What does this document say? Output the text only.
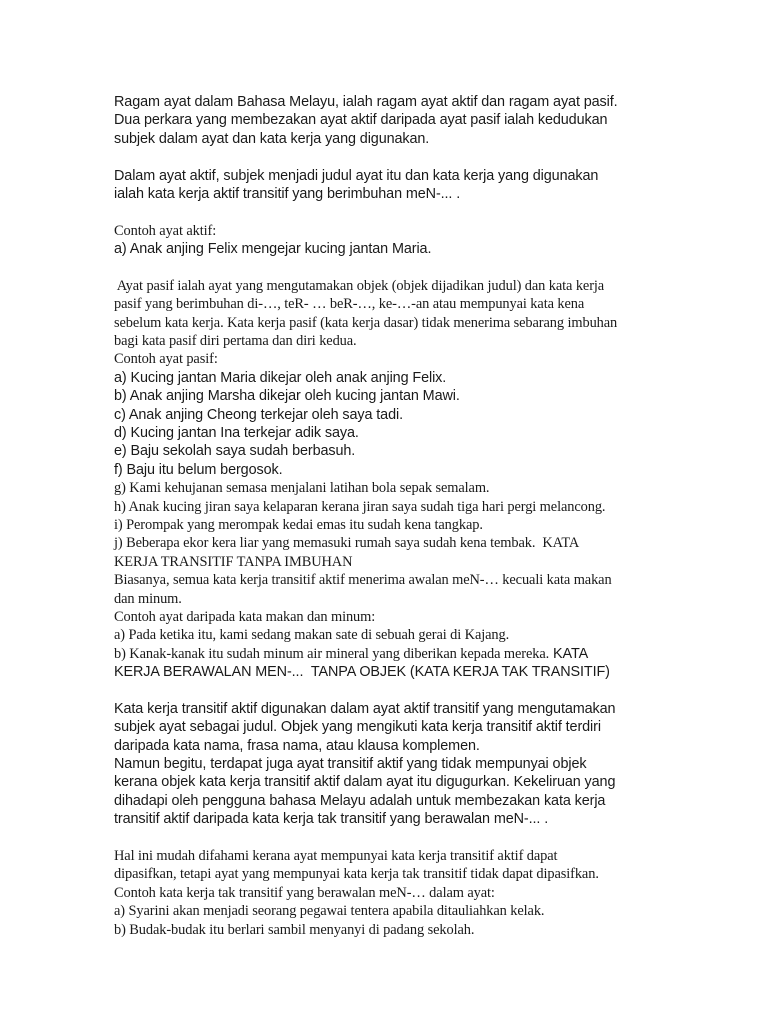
Ragam ayat dalam Bahasa Melayu, ialah ragam ayat aktif dan ragam ayat pasif.
Dua perkara yang membezakan ayat aktif daripada ayat pasif ialah kedudukan
subjek dalam ayat dan kata kerja yang digunakan.
Dalam ayat aktif, subjek menjadi judul ayat itu dan kata kerja yang digunakan
ialah kata kerja aktif transitif yang berimbuhan meN-... .
Contoh ayat aktif:
a) Anak anjing Felix mengejar kucing jantan Maria.
Ayat pasif ialah ayat yang mengutamakan objek (objek dijadikan judul) dan kata kerja
pasif yang berimbuhan di-…, teR- … beR-…, ke-…-an atau mempunyai kata kena
sebelum kata kerja. Kata kerja pasif (kata kerja dasar) tidak menerima sebarang imbuhan
bagi kata pasif diri pertama dan diri kedua.
Contoh ayat pasif:
a) Kucing jantan Maria dikejar oleh anak anjing Felix.
b) Anak anjing Marsha dikejar oleh kucing jantan Mawi.
c) Anak anjing Cheong terkejar oleh saya tadi.
d) Kucing jantan Ina terkejar adik saya.
e) Baju sekolah saya sudah berbasuh.
f) Baju itu belum bergosok.
g) Kami kehujanan semasa menjalani latihan bola sepak semalam.
h) Anak kucing jiran saya kelaparan kerana jiran saya sudah tiga hari pergi melancong.
i) Perompak yang merompak kedai emas itu sudah kena tangkap.
j) Beberapa ekor kera liar yang memasuki rumah saya sudah kena tembak.  KATA
KERJA TRANSITIF TANPA IMBUHAN
Biasanya, semua kata kerja transitif aktif menerima awalan meN-… kecuali kata makan
dan minum.
Contoh ayat daripada kata makan dan minum:
a) Pada ketika itu, kami sedang makan sate di sebuah gerai di Kajang.
b) Kanak-kanak itu sudah minum air mineral yang diberikan kepada mereka. KATA
KERJA BERAWALAN MEN-...  TANPA OBJEK (KATA KERJA TAK TRANSITIF)
Kata kerja transitif aktif digunakan dalam ayat aktif transitif yang mengutamakan
subjek ayat sebagai judul. Objek yang mengikuti kata kerja transitif aktif terdiri
daripada kata nama, frasa nama, atau klausa komplemen.
Namun begitu, terdapat juga ayat transitif aktif yang tidak mempunyai objek
kerana objek kata kerja transitif aktif dalam ayat itu digugurkan. Kekeliruan yang
dihadapi oleh pengguna bahasa Melayu adalah untuk membezakan kata kerja
transitif aktif daripada kata kerja tak transitif yang berawalan meN-... .
Hal ini mudah difahami kerana ayat mempunyai kata kerja transitif aktif dapat
dipasifkan, tetapi ayat yang mempunyai kata kerja tak transitif tidak dapat dipasifkan.
Contoh kata kerja tak transitif yang berawalan meN-… dalam ayat:
a) Syarini akan menjadi seorang pegawai tentera apabila ditauliahkan kelak.
b) Budak-budak itu berlari sambil menyanyi di padang sekolah.
